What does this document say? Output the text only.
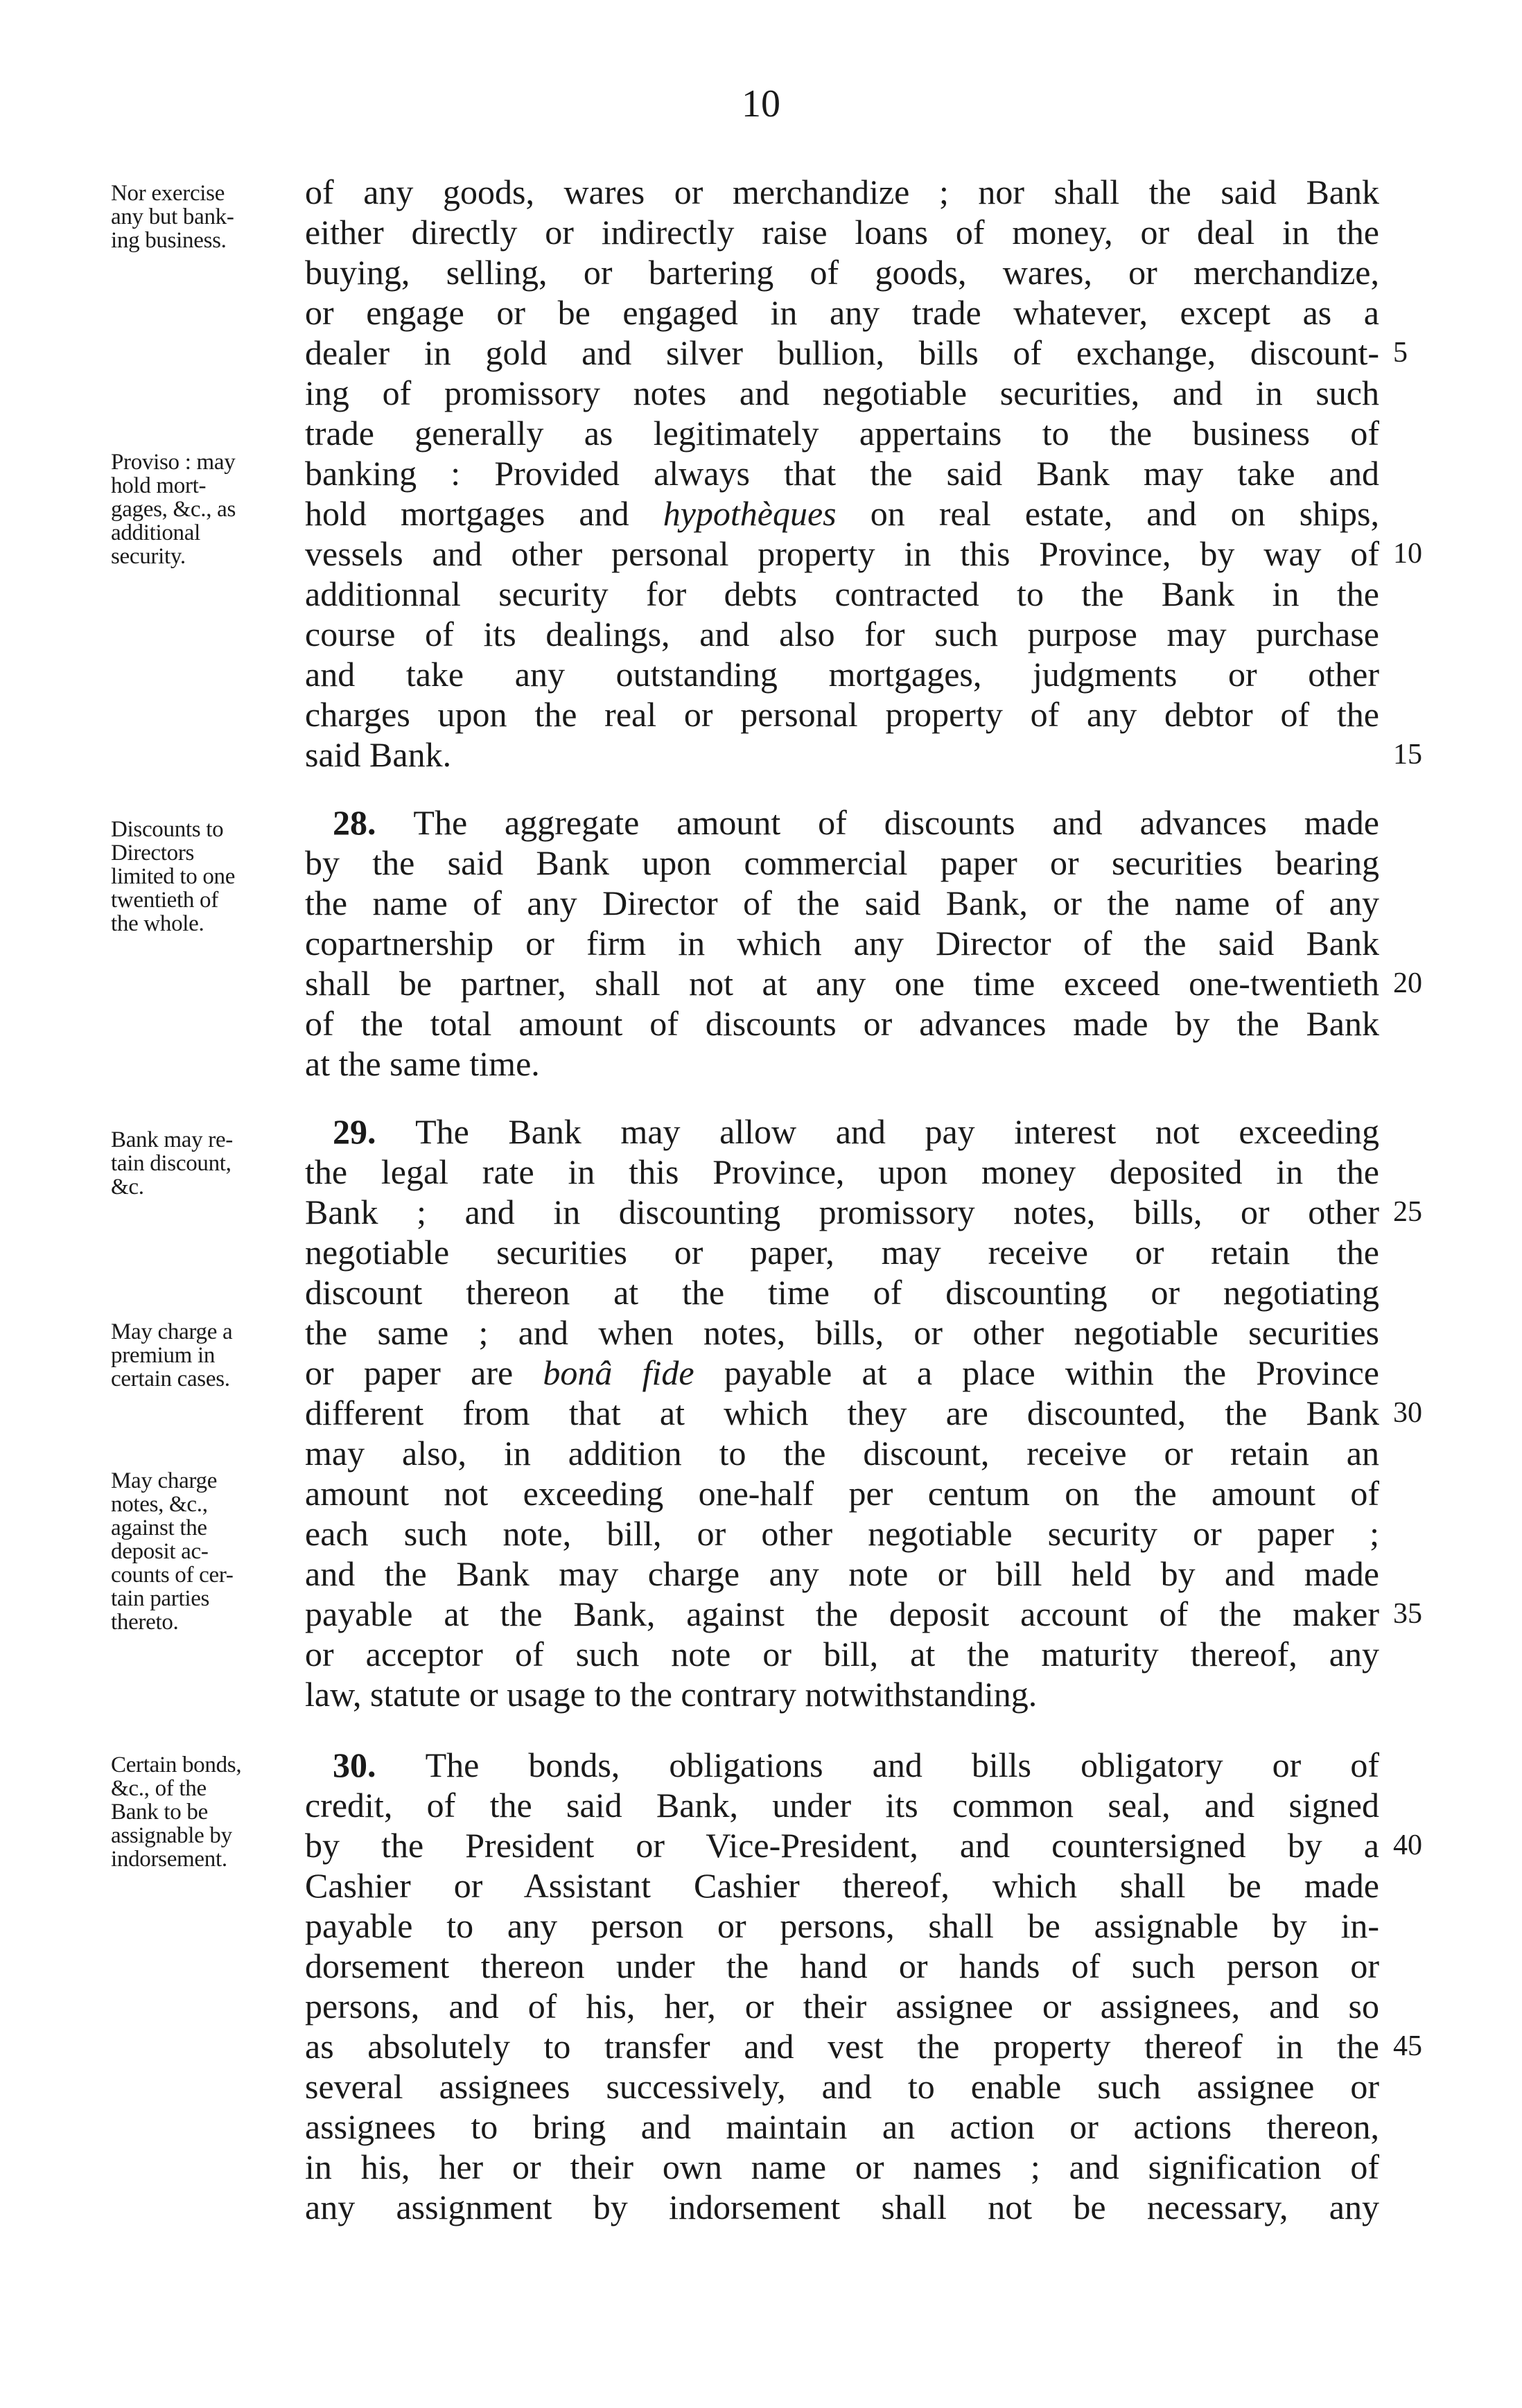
10
Nor exercise
any but bank-
ing business.
Proviso : may
hold mort-
gages, &c., as
additional
security.
Discounts to
Directors
limited to one
twentieth of
the whole.
Bank may re-
tain discount,
&c.
May charge a
premium in
certain cases.
May charge
notes, &c.,
against the
deposit ac-
counts of cer-
tain parties
thereto.
Certain bonds,
&c., of the
Bank to be
assignable by
indorsement.
of any goods, wares or merchandize ; nor shall the said Bank
either directly or indirectly raise loans of money, or deal in the
buying, selling, or bartering of goods, wares, or merchandize,
or engage or be engaged in any trade whatever, except as a
dealer in gold and silver bullion, bills of exchange, discount-
ing of promissory notes and negotiable securities, and in such
trade generally as legitimately appertains to the business of
banking : Provided always that the said Bank may take and
hold mortgages and hypothèques on real estate, and on ships,
vessels and other personal property in this Province, by way of
additionnal security for debts contracted to the Bank in the
course of its dealings, and also for such purpose may purchase
and take any outstanding mortgages, judgments or other
charges upon the real or personal property of any debtor of the
said Bank.
28. The aggregate amount of discounts and advances made
by the said Bank upon commercial paper or securities bearing
the name of any Director of the said Bank, or the name of any
copartnership or firm in which any Director of the said Bank
shall be partner, shall not at any one time exceed one-twentieth
of the total amount of discounts or advances made by the Bank
at the same time.
29. The Bank may allow and pay interest not exceeding
the legal rate in this Province, upon money deposited in the
Bank ; and in discounting promissory notes, bills, or other
negotiable securities or paper, may receive or retain the
discount thereon at the time of discounting or negotiating
the same ; and when notes, bills, or other negotiable securities
or paper are bonâ fide payable at a place within the Province
different from that at which they are discounted, the Bank
may also, in addition to the discount, receive or retain an
amount not exceeding one-half per centum on the amount of
each such note, bill, or other negotiable security or paper ;
and the Bank may charge any note or bill held by and made
payable at the Bank, against the deposit account of the maker
or acceptor of such note or bill, at the maturity thereof, any
law, statute or usage to the contrary notwithstanding.
30. The bonds, obligations and bills obligatory or of
credit, of the said Bank, under its common seal, and signed
by the President or Vice-President, and countersigned by a
Cashier or Assistant Cashier thereof, which shall be made
payable to any person or persons, shall be assignable by in-
dorsement thereon under the hand or hands of such person or
persons, and of his, her, or their assignee or assignees, and so
as absolutely to transfer and vest the property thereof in the
several assignees successively, and to enable such assignee or
assignees to bring and maintain an action or actions thereon,
in his, her or their own name or names ; and signification of
any assignment by indorsement shall not be necessary, any
5
10
15
20
25
30
35
40
45
